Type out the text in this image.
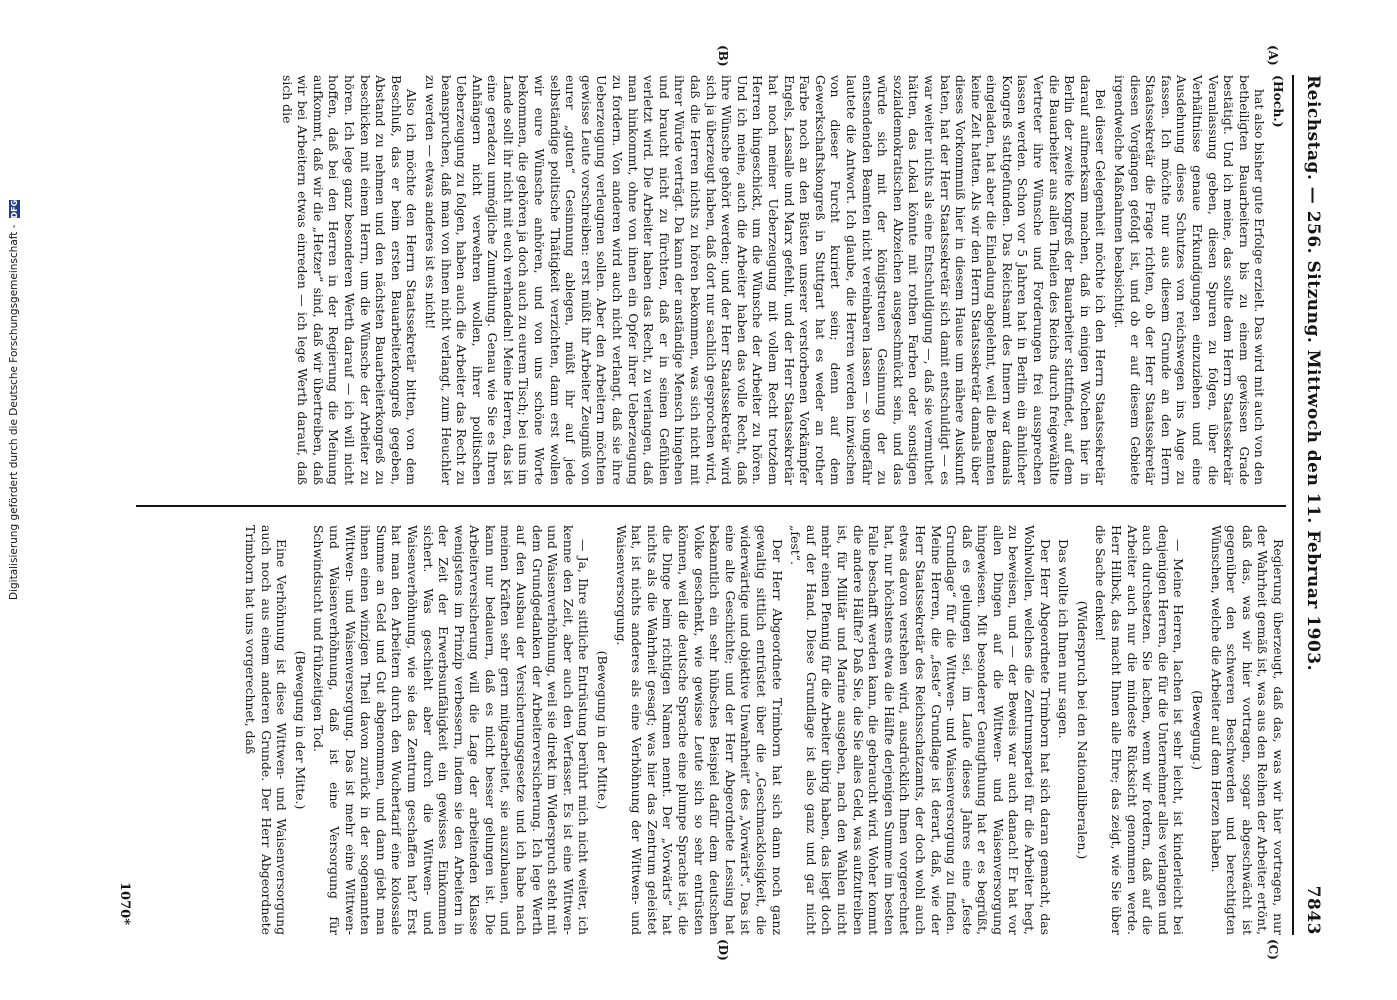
Digitalisierung gefördert durch die Deutsche Forschungsgemeinschaft -
DFG	Reichstag. — 256. Sitzung. Mittwoch den 11. Februar 1903.
7843
(A)
(B)
(C)
(D)

(Hoch.)

hat also bisher gute Erfolge erzielt. Das wird mit auch von den betheiligten Bauarbeitern bis zu einem gewissen Grade bestätigt. Und ich meine, das sollte dem Herrn Staatssekretär Veranlassung geben, diesen Spuren zu folgen, über die Verhältnisse genaue Erkundigungen einzuziehen und eine Ausdehnung dieses Schutzes von reichswegen ins Auge zu fassen. Ich möchte nur aus diesem Grunde an den Herrn Staatssekretär die Frage richten, ob der Herr Staatssekretär diesen Vorgängen gefolgt ist, und ob er auf diesem Gebiete irgendwelche Maßnahmen beabsichtigt.

Bei dieser Gelegenheit möchte ich den Herrn Staatssekretär darauf aufmerksam machen, daß in einigen Wochen hier in Berlin der zweite Kongreß der Bauarbeiter stattfindet, auf dem die Bauarbeiter aus allen Theilen des Reichs durch freigewählte Vertreter ihre Wünsche und Forderungen frei aussprechen lassen werden. Schon vor 5 Jahren hat in Berlin ein ähnlicher Kongreß stattgefunden. Das Reichsamt des Innern war damals eingeladen, hat aber die Einladung abgelehnt, weil die Beamten keine Zeit hatten. Als wir den Herrn Staatssekretär damals über dieses Vorkommniß hier in diesem Hause um nähere Auskunft baten, hat der Herr Staatssekretär sich damit entschuldigt — es war weiter nichts als eine Entschuldigung —, daß sie vermuthet hätten, das Lokal könnte mit rothen Farben oder sonstigen sozialdemokratischen Abzeichen ausgeschmückt sein, und das würde sich mit der königstreuen Gesinnung der zu entsendenden Beamten nicht vereinbaren lassen — so ungefähr lautete die Antwort. Ich glaube, die Herren werden inzwischen von dieser Furcht kuriert sein; denn auf dem Gewerkschaftskongreß in Stuttgart hat es weder an rother Farbe noch an den Büsten unserer verstorbenen Vorkämpfer Engels, Lassalle und Marx gefehlt, und der Herr Staatssekretär hat noch meiner Ueberzeugung mit vollem Recht trotzdem Herren hingeschickt, um die Wünsche der Arbeiter zu hören. Und ich meine, auch die Arbeiter haben das volle Recht, daß ihre Wünsche gehört werden; und der Herr Staatssekretär wird sich ja überzeugt haben, daß dort nur sachlich gesprochen wird, daß die Herren nichts zu hören bekommen, was sich nicht mit ihrer Würde verträgt. Da kann der anständige Mensch hingehen und braucht nicht zu fürchten, daß er in seinen Gefühlen verletzt wird. Die Arbeiter haben das Recht, zu verlangen, daß man hinkommt, ohne von ihnen ein Opfer ihrer Ueberzeugung zu fordern. Von anderen wird auch nicht verlangt, daß sie ihre Ueberzeugung verleugnen sollen. Aber den Arbeitern möchten gewisse Leute vorschreiben: erst müßt ihr Arbeiter Zeugniß von eurer „guten“ Gesinnung ablegen, müßt ihr auf jede selbständige politische Thätigkeit verzichten, dann erst wollen wir eure Wünsche anhören, und von uns schöne Worte bekommen, die gehören ja doch auch zu eurem Tisch; bei uns im Lande sollt ihr nicht mit euch verhandeln! Meine Herren, das ist eine geradezu unmögliche Zumuthung. Genau wie Sie es Ihren Anhängern nicht verwehren wollen, ihrer politischen Ueberzeugung zu folgen, haben auch die Arbeiter das Recht zu beanspruchen, daß man von ihnen nicht verlangt, zum Heuchler zu werden — etwas anderes ist es nicht!

Also ich möchte den Herrn Staatssekretär bitten, von dem Beschluß, das er beim ersten Bauarbeiterkongreß gegeben, Abstand zu nehmen und den nächsten Bauarbeiterkongreß zu beschicken mit einem Herrn, um die Wünsche der Arbeiter zu hören. Ich lege ganz besonderen Werth darauf — ich will nicht hoffen, daß bei den Herren in der Regierung die Meinung aufkommt, daß wir die „Hetzer“ sind, daß wir übertreiben, daß wir bei Arbeitern etwas einreden — ich lege Werth darauf, daß sich die

Regierung überzeugt, daß das, was wir hier vortragen, nur der Wahrheit gemäß ist, was aus den Reihen der Arbeiter ertönt, daß das, was wir hier vortragen, sogar abgeschwächt ist gegenüber den schweren Beschwerden und berechtigten Wünschen, welche die Arbeiter auf dem Herzen haben.

(Bewegung.)

— Meine Herren, lachen ist sehr leicht, ist kinderleicht bei denjenigen Herren, die für die Unternehmer alles verlangen und auch durchsetzen. Sie lachen, wenn wir fordern, daß auf die Arbeiter auch nur die mindeste Rücksicht genommen werde. Herr Hilbck, das macht Ihnen alle Ehre; das zeigt, wie Sie über die Sache denken!

(Widerspruch bei den Nationalliberalen.)

Das wollte ich Ihnen nur sagen.

Der Herr Abgeordnete Trimborn hat sich daran gemacht, das Wohlwollen, welches die Zentrumspartei für die Arbeiter hegt, zu beweisen, und — der Beweis war auch danach! Er hat vor allen Dingen auf die Wittwen- und Waisenversorgung hingewiesen. Mit besonderer Genugthuung hat er es begrüßt, daß es gelungen sei, im Laufe dieses Jahres eine „feste Grundlage“ für die Wittwen- und Waisenversorgung zu finden. Meine Herren, die „feste“ Grundlage ist derart, daß, wie der Herr Staatssekretär des Reichsschatzamts, der doch wohl auch etwas davon verstehen wird, ausdrücklich Ihnen vorgerechnet hat, nur höchstens etwa die Hälfte derjenigen Summe im besten Falle beschafft werden kann, die gebraucht wird. Woher kommt die andere Hälfte? Daß Sie, die Sie alles Geld, was aufzutreiben ist, für Militär und Marine ausgeben, nach den Wahlen nicht mehr einen Pfennig für die Arbeiter übrig haben, das liegt doch auf der Hand. Diese Grundlage ist also ganz und gar nicht „fest“.

Der Herr Abgeordnete Trimborn hat sich dann noch ganz gewaltig sittlich entrüstet über die „Geschmacklosigkeit, die widerwärtige und objektive Unwahrheit“ des „Vorwärts“. Das ist eine alte Geschichte; und der Herr Abgeordnete Lessing hat bekanntlich ein sehr hübsches Beispiel dafür dem deutschen Volke geschenkt, wie gewisse Leute sich so sehr entrüsten können, weil die deutsche Sprache eine plumpe Sprache ist, die die Dinge beim richtigen Namen nennt. Der „Vorwärts“ hat nichts als die Wahrheit gesagt; was hier das Zentrum geleistet hat, ist nichts anderes als eine Verhöhnung der Wittwen- und Waisenversorgung.

(Bewegung in der Mitte.)

— Ja, Ihre sittliche Entrüstung berührt mich nicht weiter, ich kenne den Zeit, aber auch den Verfasser. Es ist eine Wittwen- und Waisenverhöhnung, weil sie direkt im Widerspruch steht mit dem Grundgedanken der Arbeiterversicherung. Ich lege Werth auf den Ausbau der Versicherungsgesetze und ich habe nach meinen Kräften sehr gern mitgearbeitet, sie auszubauen, und kann nur bedauern, daß es nicht besser gelungen ist. Die Arbeiterversicherung will die Lage der arbeitenden Klasse wenigstens im Prinzip verbessern, indem sie den Arbeitern in der Zeit der Erwerbsunfähigkeit ein gewisses Einkommen sichert. Was geschieht aber durch die Wittwen- und Waisenverhöhnung, wie sie das Zentrum geschaffen hat? Erst hat man den Arbeitern durch den Wuchertarif eine kolossale Summe an Geld und Gut abgenommen, und dann giebt man ihnen einen winzigen Theil davon zurück in der sogenannten Wittwen- und Waisenversorgung. Das ist mehr eine Wittwen- und Waisenverhöhnung, daß ist eine Versorgung für Schwindsucht und frühzeitigen Tod.

(Bewegung in der Mitte.)

Eine Verhöhnung ist diese Wittwen- und Waisenversorgung auch noch aus einem anderen Grunde. Der Herr Abgeordnete Trimborn hat uns vorgerechnet, daß

1070*
